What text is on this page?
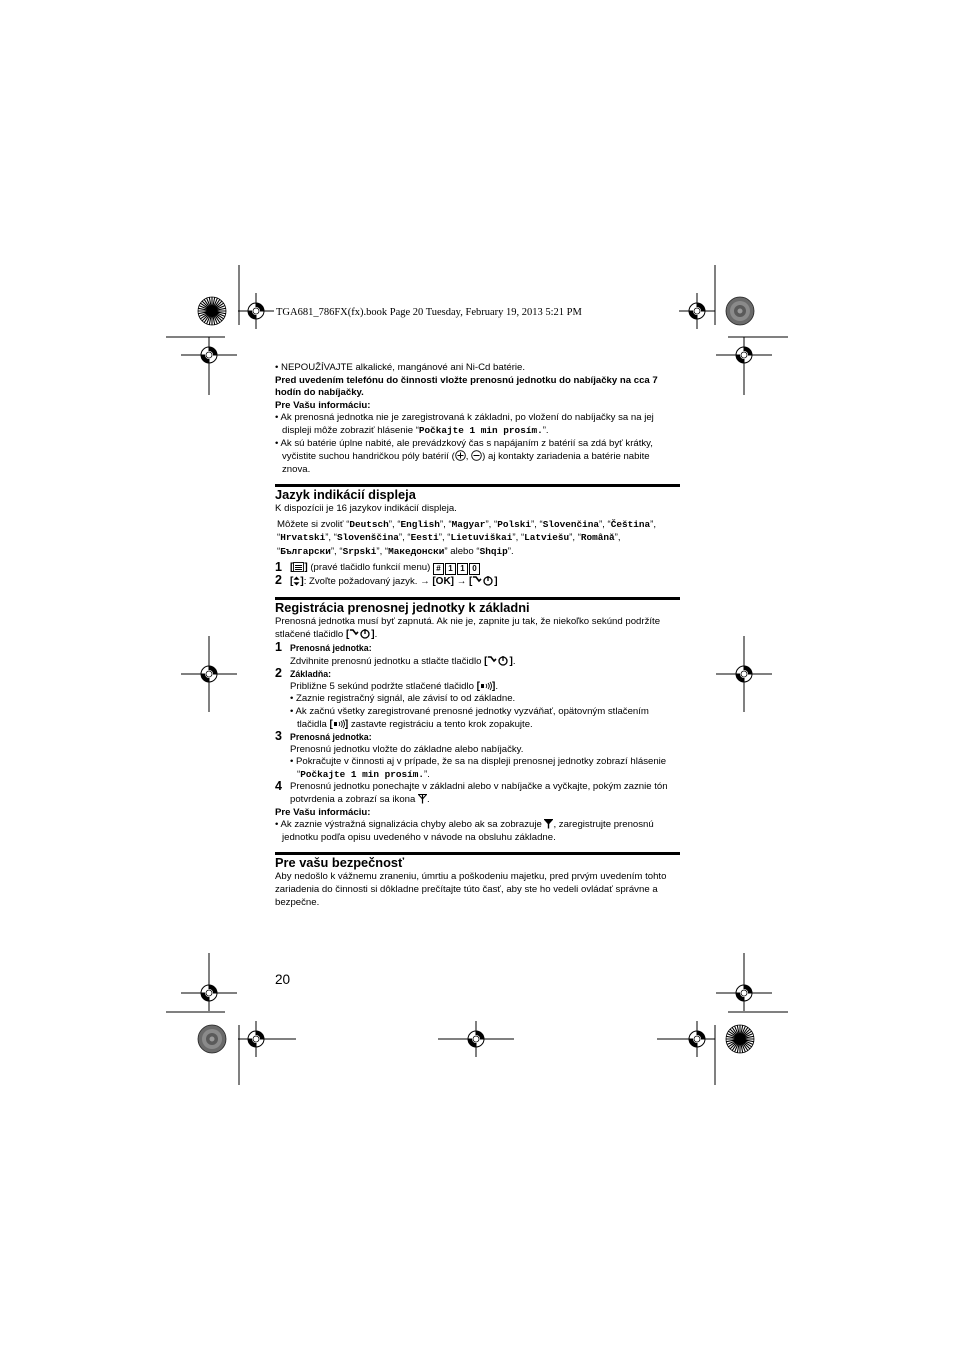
TGA681_786FX(fx).book Page 20 Tuesday, February 19, 2013 5:21 PM

• NEPOUŽÍVAJTE alkalické, mangánové ani Ni-Cd batérie.

Pred uvedením telefónu do činnosti vložte prenosnú jednotku do nabíjačky na cca 7 hodín do nabíjačky.

Pre Vašu informáciu:

• Ak prenosná jednotka nie je zaregistrovaná k základni, po vložení do nabíjačky sa na jej displeji môže zobraziť hlásenie “Počkajte 1 min prosím.”.

• Ak sú batérie úplne nabité, ale prevádzkový čas s napájaním z batérií sa zdá byť krátky, vyčistite suchou handričkou póly batérií ( , ) aj kontakty zariadenia a batérie nabite znova.

Jazyk indikácií displeja

K dispozícii je 16 jazykov indikácií displeja.

Môžete si zvoliť “Deutsch”, “English”, “Magyar”, “Polski”, “Slovenčina”, “Čeština”, “Hrvatski”, “Slovenščina”, “Eesti”, “Lietuviškai”, “Latviešu”, “Română”, “Български”, “Srpski”, “Македонски” alebo “Shqip”.

1 [ ] (pravé tlačidlo funkcií menu) # 1 1 0

2 [ ]: Zvoľte požadovaný jazyk. → [OK] → [ ]

Registrácia prenosnej jednotky k základni

Prenosná jednotka musí byť zapnutá. Ak nie je, zapnite ju tak, že niekoľko sekúnd podržíte stlačené tlačidlo [ ].

1 Prenosná jednotka:

Zdvihnite prenosnú jednotku a stlačte tlačidlo [ ].

2 Základňa:

Približne 5 sekúnd podržte stlačené tlačidlo [ ].

• Zaznie registračný signál, ale závisí to od základne.

• Ak začnú všetky zaregistrované prenosné jednotky vyzváňať, opätovným stlačením tlačidla [ ] zastavte registráciu a tento krok zopakujte.

3 Prenosná jednotka:

Prenosnú jednotku vložte do základne alebo nabíjačky.

• Pokračujte v činnosti aj v prípade, že sa na displeji prenosnej jednotky zobrazí hlásenie “Počkajte 1 min prosím.”.

4 Prenosnú jednotku ponechajte v základni alebo v nabíjačke a vyčkajte, pokým zaznie tón potvrdenia a zobrazí sa ikona .

Pre Vašu informáciu:

• Ak zaznie výstražná signalizácia chyby alebo ak sa zobrazuje , zaregistrujte prenosnú jednotku podľa opisu uvedeného v návode na obsluhu základne.

Pre vašu bezpečnosť

Aby nedošlo k vážnemu zraneniu, úmrtiu a poškodeniu majetku, pred prvým uvedením tohto zariadenia do činnosti si dôkladne prečítajte túto časť, aby ste ho vedeli ovládať správne a bezpečne.

20
